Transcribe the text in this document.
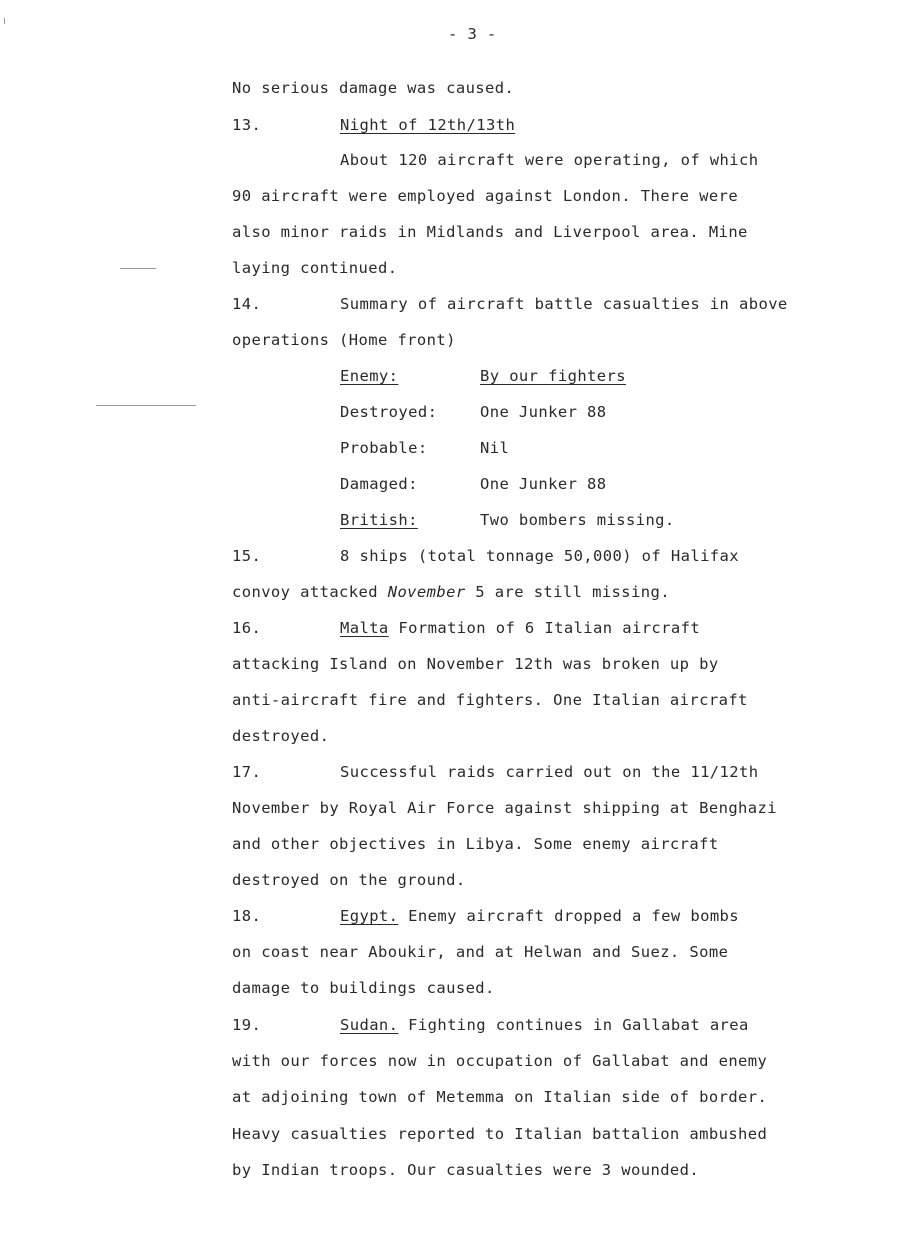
- 3 -
No serious damage was caused.
13.	Night of 12th/13th
About 120 aircraft were operating, of which
90 aircraft were employed against London. There were
also minor raids in Midlands and Liverpool area. Mine
laying continued.
14.	Summary of aircraft battle casualties in above
operations (Home front)
Enemy:	By our fighters
Destroyed:	One Junker 88
Probable:	Nil
Damaged:	One Junker 88
British:	Two bombers missing.
15.	8 ships (total tonnage 50,000) of Halifax
convoy attacked November 5 are still missing.
16.	Malta Formation of 6 Italian aircraft
attacking Island on November 12th was broken up by
anti-aircraft fire and fighters. One Italian aircraft
destroyed.
17.	Successful raids carried out on the 11/12th
November by Royal Air Force against shipping at Benghazi
and other objectives in Libya. Some enemy aircraft
destroyed on the ground.
18.	Egypt. Enemy aircraft dropped a few bombs
on coast near Aboukir, and at Helwan and Suez. Some
damage to buildings caused.
19.	Sudan. Fighting continues in Gallabat area
with our forces now in occupation of Gallabat and enemy
at adjoining town of Metemma on Italian side of border.
Heavy casualties reported to Italian battalion ambushed
by Indian troops. Our casualties were 3 wounded.
